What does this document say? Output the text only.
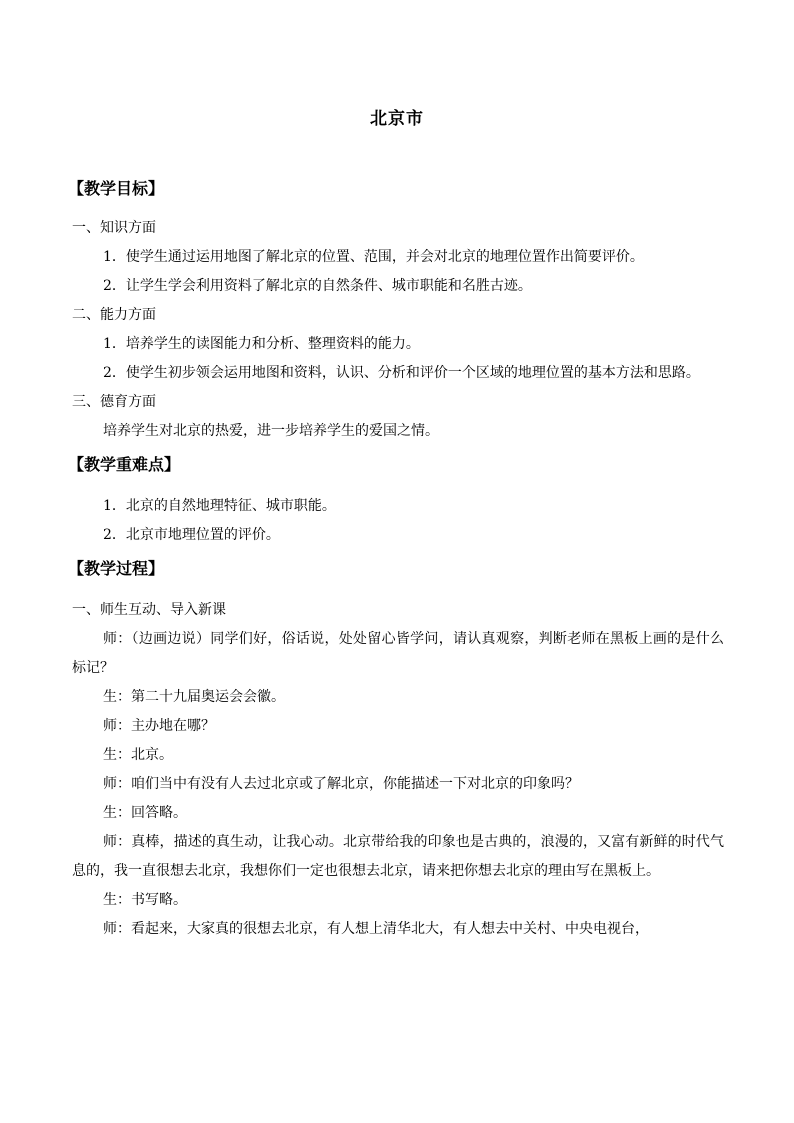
北京市
【教学目标】
一、知识方面
1．使学生通过运用地图了解北京的位置、范围，并会对北京的地理位置作出简要评价。
2．让学生学会利用资料了解北京的自然条件、城市职能和名胜古迹。
二、能力方面
1．培养学生的读图能力和分析、整理资料的能力。
2．使学生初步领会运用地图和资料，认识、分析和评价一个区域的地理位置的基本方法和思路。
三、德育方面
培养学生对北京的热爱，进一步培养学生的爱国之情。
【教学重难点】
1．北京的自然地理特征、城市职能。
2．北京市地理位置的评价。
【教学过程】
一、师生互动、导入新课
师：（边画边说）同学们好，俗话说，处处留心皆学问，请认真观察，判断老师在黑板上画的是什么标记？
生：第二十九届奥运会会徽。
师：主办地在哪？
生：北京。
师：咱们当中有没有人去过北京或了解北京，你能描述一下对北京的印象吗？
生：回答略。
师：真棒，描述的真生动，让我心动。北京带给我的印象也是古典的，浪漫的，又富有新鲜的时代气息的，我一直很想去北京，我想你们一定也很想去北京，请来把你想去北京的理由写在黑板上。
生：书写略。
师：看起来，大家真的很想去北京，有人想上清华北大，有人想去中关村、中央电视台，
